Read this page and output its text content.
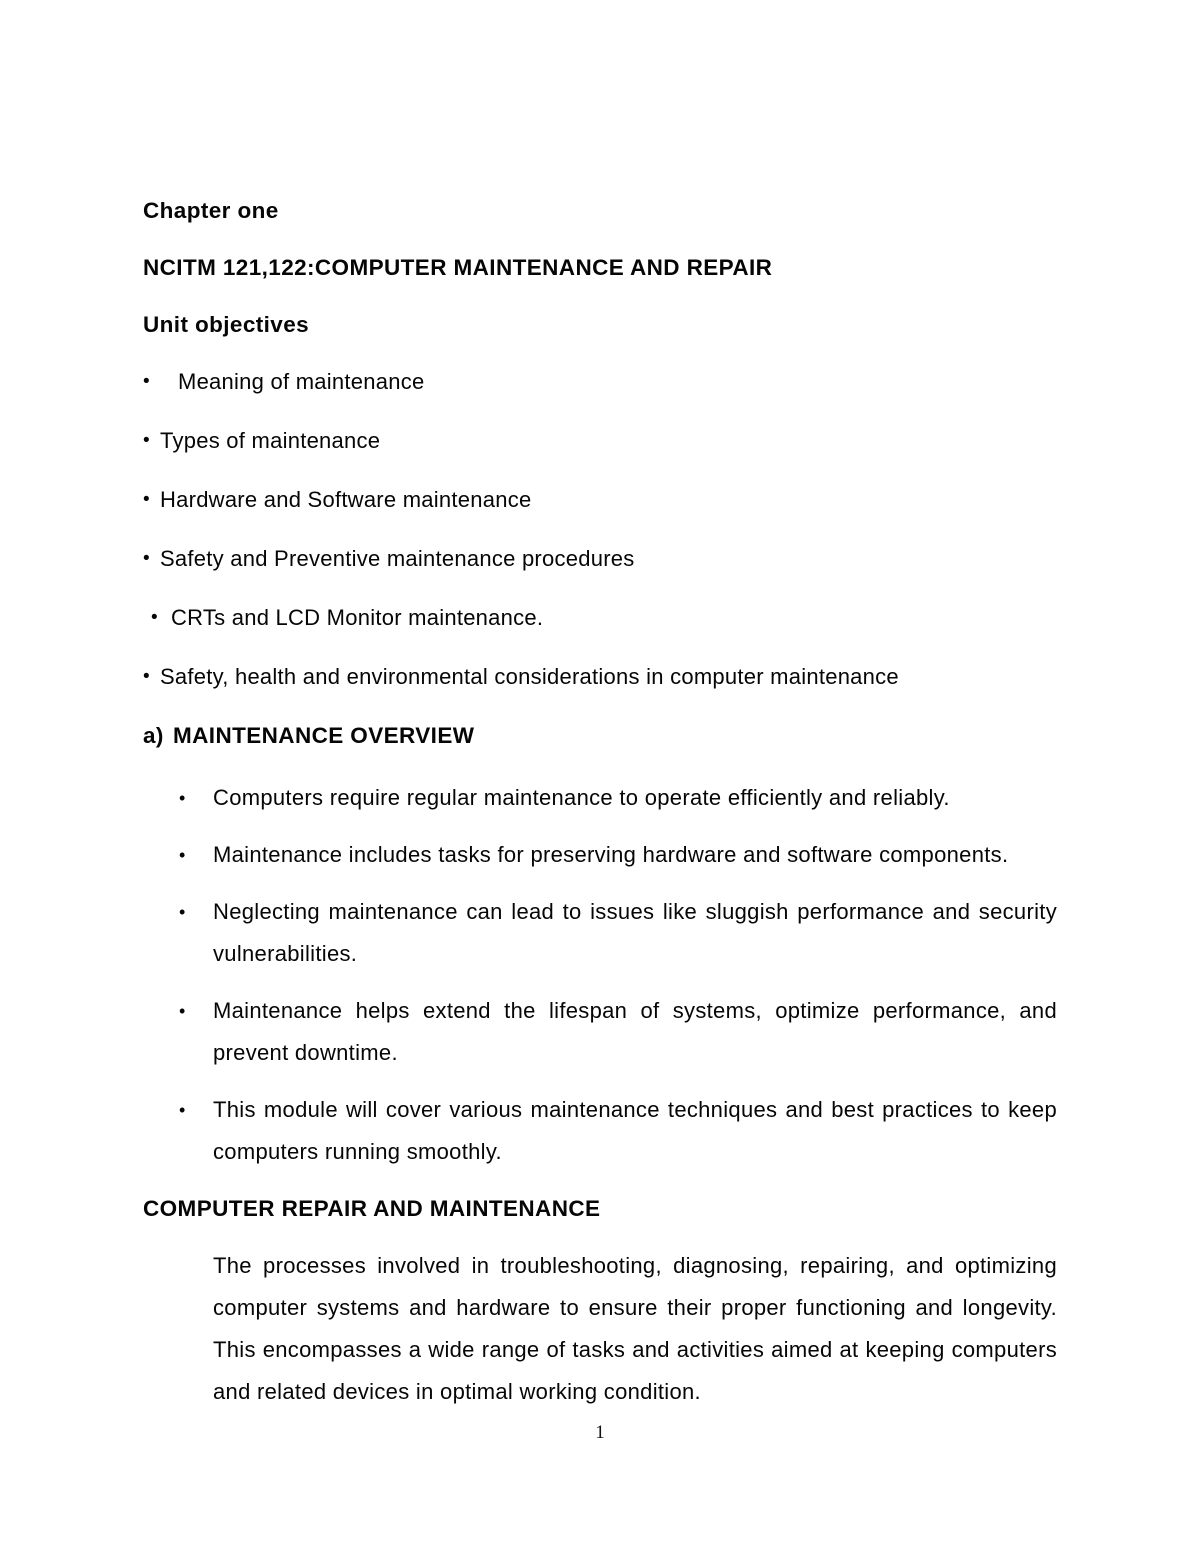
Chapter one
NCITM 121,122:COMPUTER MAINTENANCE AND REPAIR
Unit objectives
•	Meaning of maintenance
• Types of maintenance
• Hardware and Software maintenance
• Safety and Preventive maintenance procedures
• CRTs and LCD Monitor maintenance.
• Safety, health and environmental considerations in computer maintenance
a) MAINTENANCE OVERVIEW
•	Computers require regular maintenance to operate efficiently and reliably.
•	Maintenance includes tasks for preserving hardware and software components.
•	Neglecting maintenance can lead to issues like sluggish performance and security vulnerabilities.
•	Maintenance helps extend the lifespan of systems, optimize performance, and prevent downtime.
•	This module will cover various maintenance techniques and best practices to keep computers running smoothly.
COMPUTER REPAIR AND MAINTENANCE
The processes involved in troubleshooting, diagnosing, repairing, and optimizing computer systems and hardware to ensure their proper functioning and longevity. This encompasses a wide range of tasks and activities aimed at keeping computers and related devices in optimal working condition.
1
